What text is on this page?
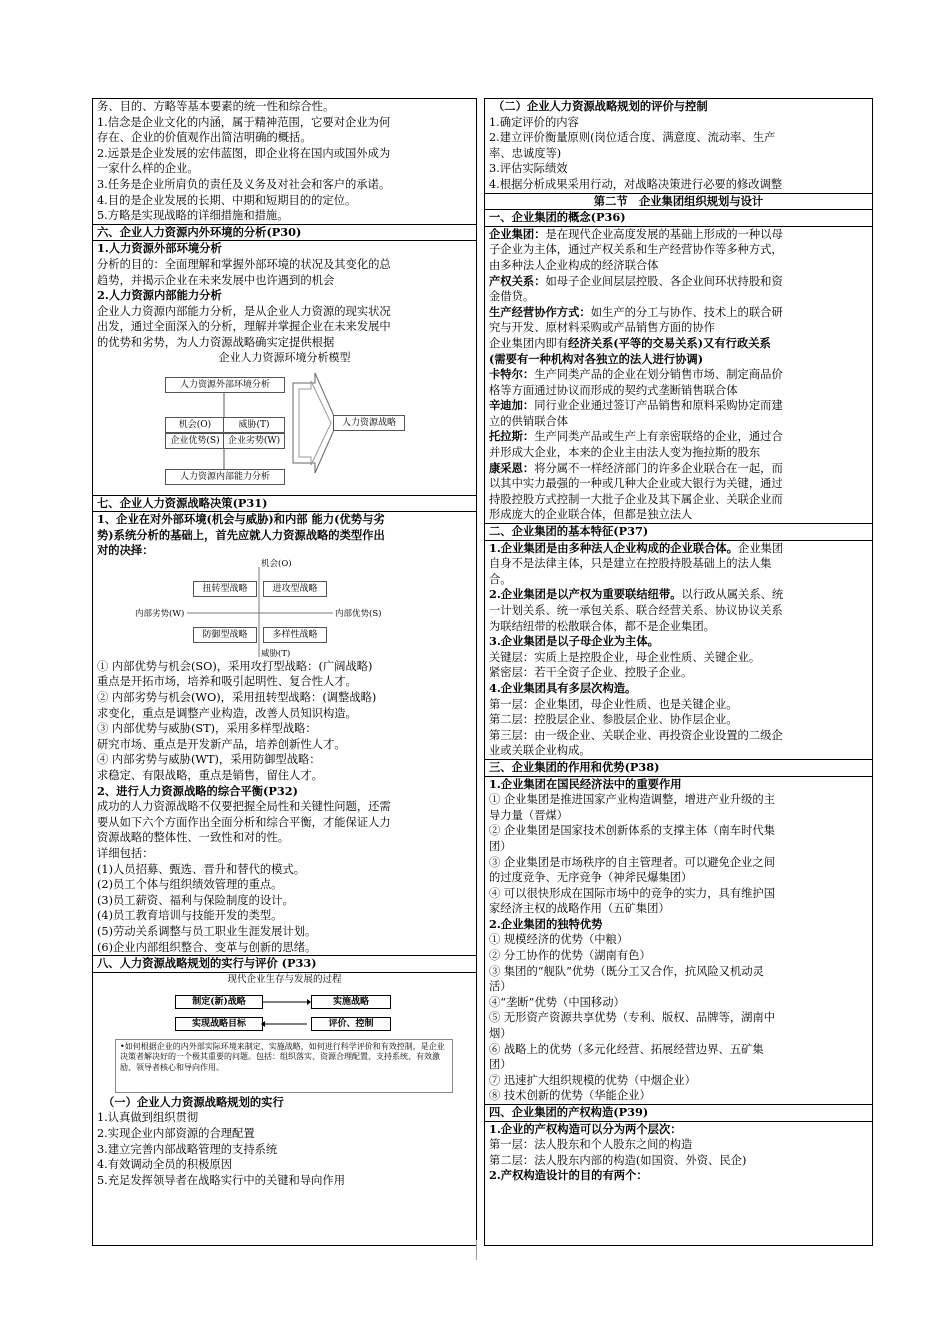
务、目的、方略等基本要素的统一性和综合性。
1.信念是企业文化的内涵，属于精神范围，它要对企业为何
存在、企业的价值观作出简洁明确的概括。
2.远景是企业发展的宏伟蓝图，即企业将在国内或国外成为
一家什么样的企业。
3.任务是企业所肩负的责任及义务及对社会和客户的承诺。
4.目的是企业发展的长期、中期和短期目的的定位。
5.方略是实现战略的详细措施和措施。
六、企业人力资源内外环境的分析(P30)
1.人力资源外部环境分析
分析的目的：全面理解和掌握外部环境的状况及其变化的总
趋势，并揭示企业在未来发展中也许遇到的机会
2.人力资源内部能力分析
企业人力资源内部能力分析，是从企业人力资源的现实状况
出发，通过全面深入的分析，理解并掌握企业在未来发展中
的优势和劣势，为人力资源战略确实定提供根据
企业人力资源环境分析模型
人力资源外部环境分析
机会(O)	威胁(T)
企业优势(S) 企业劣势(W)
人力资源内部能力分析
人力资源战略
七、企业人力资源战略决策(P31)
1、企业在对外部环境(机会与威胁)和内部 能力(优势与劣
势)系统分析的基础上，首先应就人力资源战略的类型作出
对的决择：
机会(O)
威胁(T)
内部劣势(W)	内部优势(S)
扭转型战略	进攻型战略
防御型战略	多样性战略
① 内部优势与机会(SO)，采用攻打型战略：(广阔战略)
重点是开拓市场，培养和吸引起明性、复合性人才。
② 内部劣势与机会(WO)，采用扭转型战略：(调整战略)
求变化，重点是调整产业构造，改善人员知识构造。
③ 内部优势与威胁(ST)，采用多样型战略：
研究市场、重点是开发新产品，培养创新性人才。
④ 内部劣势与威胁(WT)，采用防御型战略：
求稳定、有限战略，重点是销售，留住人才。
2、进行人力资源战略的综合平衡(P32)
成功的人力资源战略不仅要把握全局性和关键性问题，还需
要从如下六个方面作出全面分析和综合平衡，才能保证人力
资源战略的整体性、一致性和对的性。
详细包括：
(1)人员招募、甄选、晋升和替代的模式。
(2)员工个体与组织绩效管理的重点。
(3)员工薪资、福利与保险制度的设计。
(4)员工教育培训与技能开发的类型。
(5)劳动关系调整与员工职业生涯发展计划。
(6)企业内部组织整合、变革与创新的思绪。
八、人力资源战略规划的实行与评价 (P33)
现代企业生存与发展的过程
制定(新)战略	实施战略
实现战略目标	评价、控制
•如何根据企业的内外部实际环境来制定、实施战略，如何进行科学评价和有效控制，是企业决策者解决好的一个极其重要的问题。包括：组织落实、资源合理配置、支持系统、有效激励、领导者核心和导向作用。
（一）企业人力资源战略规划的实行
1.认真做到组织贯彻
2.实现企业内部资源的合理配置
3.建立完善内部战略管理的支持系统
4.有效调动全员的积极原因
5.充足发挥领导者在战略实行中的关键和导向作用
（二）企业人力资源战略规划的评价与控制
1.确定评价的内容
2.建立评价衡量原则(岗位适合度、满意度、流动率、生产
率、忠诚度等)
3.评估实际绩效
4.根据分析成果采用行动，对战略决策进行必要的修改调整
第二节　企业集团组织规划与设计
一、企业集团的概念(P36)
企业集团：是在现代企业高度发展的基础上形成的一种以母
子企业为主体，通过产权关系和生产经营协作等多种方式，
由多种法人企业构成的经济联合体
产权关系：如母子企业间层层控股、各企业间环状持股和资
金借贷。
生产经营协作方式：如生产的分工与协作、技术上的联合研
究与开发、原材料采购或产品销售方面的协作
企业集团内即有经济关系(平等的交易关系)又有行政关系
(需要有一种机构对各独立的法人进行协调)
卡特尔：生产同类产品的企业在划分销售市场、制定商品价
格等方面通过协议而形成的契约式垄断销售联合体
辛迪加：同行业企业通过签订产品销售和原料采购协定而建
立的供销联合体
托拉斯：生产同类产品或生产上有亲密联络的企业，通过合
并形成大企业，本来的企业主由法人变为拖拉斯的股东
康采恩：将分属不一样经济部门的许多企业联合在一起，而
以其中实力最强的一种或几种大企业或大银行为关键，通过
持股控股方式控制一大批子企业及其下属企业、关联企业而
形成庞大的企业联合体，但都是独立法人
二、企业集团的基本特征(P37)
1.企业集团是由多种法人企业构成的企业联合体。企业集团
自身不是法律主体，只是建立在控股持股基础上的法人集
合。
2.企业集团是以产权为重要联结纽带。以行政从属关系、统
一计划关系、统一承包关系、联合经营关系、协议协议关系
为联结纽带的松散联合体，都不是企业集团。
3.企业集团是以子母企业为主体。
关键层：实质上是控股企业，母企业性质、关键企业。
紧密层：若干全资子企业、控股子企业。
4.企业集团具有多层次构造。
第一层：企业集团，母企业性质、也是关键企业。
第二层：控股层企业、参股层企业、协作层企业。
第三层：由一级企业、关联企业、再投资企业设置的二级企
业或关联企业构成。
三、企业集团的作用和优势(P38)
1.企业集团在国民经济法中的重要作用
① 企业集团是推进国家产业构造调整，增进产业升级的主
导力量（晋煤）
② 企业集团是国家技术创新体系的支撑主体（南车时代集
团）
③ 企业集团是市场秩序的自主管理者。可以避免企业之间
的过度竞争、无序竞争（神斧民爆集团）
④ 可以很快形成在国际市场中的竞争的实力，具有维护国
家经济主权的战略作用（五矿集团）
2.企业集团的独特优势
① 规模经济的优势（中粮）
② 分工协作的优势（湖南有色）
③ 集团的“舰队”优势（既分工又合作，抗风险又机动灵
活）
④“垄断”优势（中国移动）
⑤ 无形资产资源共享优势（专利、版权、品牌等，湖南中
烟）
⑥ 战略上的优势（多元化经营、拓展经营边界、五矿集
团）
⑦ 迅速扩大组织规模的优势（中烟企业）
⑧ 技术创新的优势（华能企业）
四、企业集团的产权构造(P39)
1.企业的产权构造可以分为两个层次：
第一层：法人股东和个人股东之间的构造
第二层：法人股东内部的构造(如国资、外资、民企)
2.产权构造设计的目的有两个：
